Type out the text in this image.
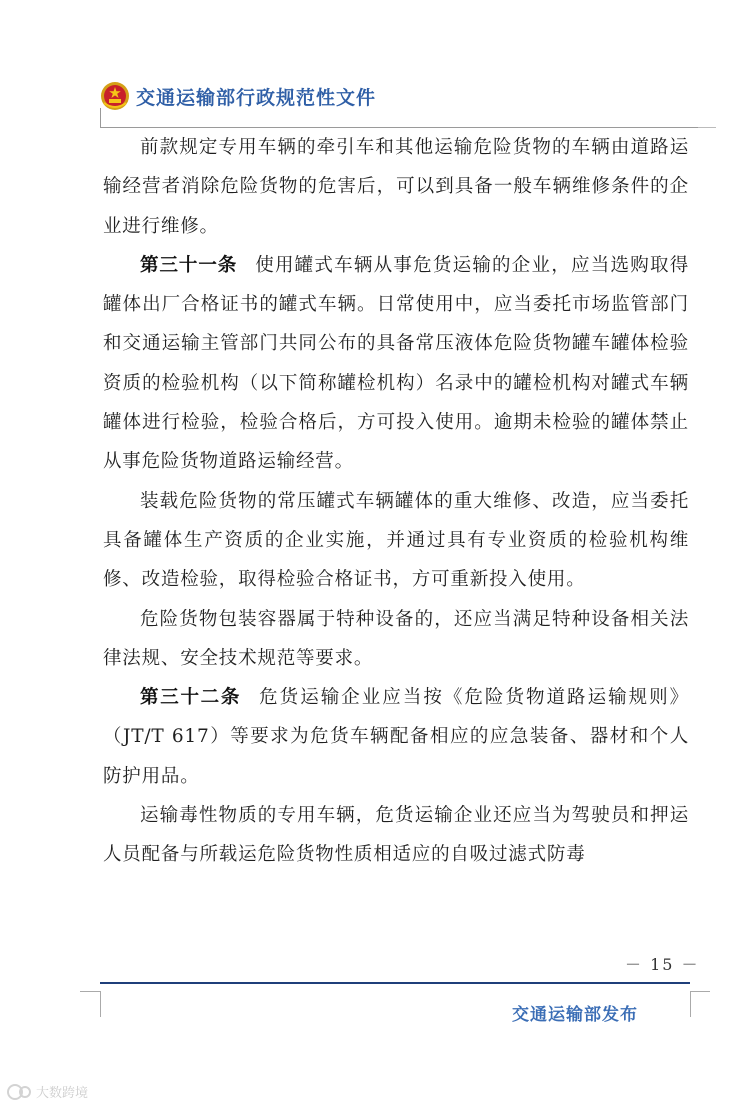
交通运输部行政规范性文件

前款规定专用车辆的牵引车和其他运输危险货物的车辆由道路运输经营者消除危险货物的危害后，可以到具备一般车辆维修条件的企业进行维修。

第三十一条 使用罐式车辆从事危货运输的企业，应当选购取得罐体出厂合格证书的罐式车辆。日常使用中，应当委托市场监管部门和交通运输主管部门共同公布的具备常压液体危险货物罐车罐体检验资质的检验机构（以下简称罐检机构）名录中的罐检机构对罐式车辆罐体进行检验，检验合格后，方可投入使用。逾期未检验的罐体禁止从事危险货物道路运输经营。

装载危险货物的常压罐式车辆罐体的重大维修、改造，应当委托具备罐体生产资质的企业实施，并通过具有专业资质的检验机构维修、改造检验，取得检验合格证书，方可重新投入使用。

危险货物包装容器属于特种设备的，还应当满足特种设备相关法律法规、安全技术规范等要求。

第三十二条 危货运输企业应当按《危险货物道路运输规则》（JT/T 617）等要求为危货车辆配备相应的应急装备、器材和个人防护用品。

运输毒性物质的专用车辆，危货运输企业还应当为驾驶员和押运人员配备与所载运危险货物性质相适应的自吸过滤式防毒

－ 15 －
交通运输部发布
大数跨境
